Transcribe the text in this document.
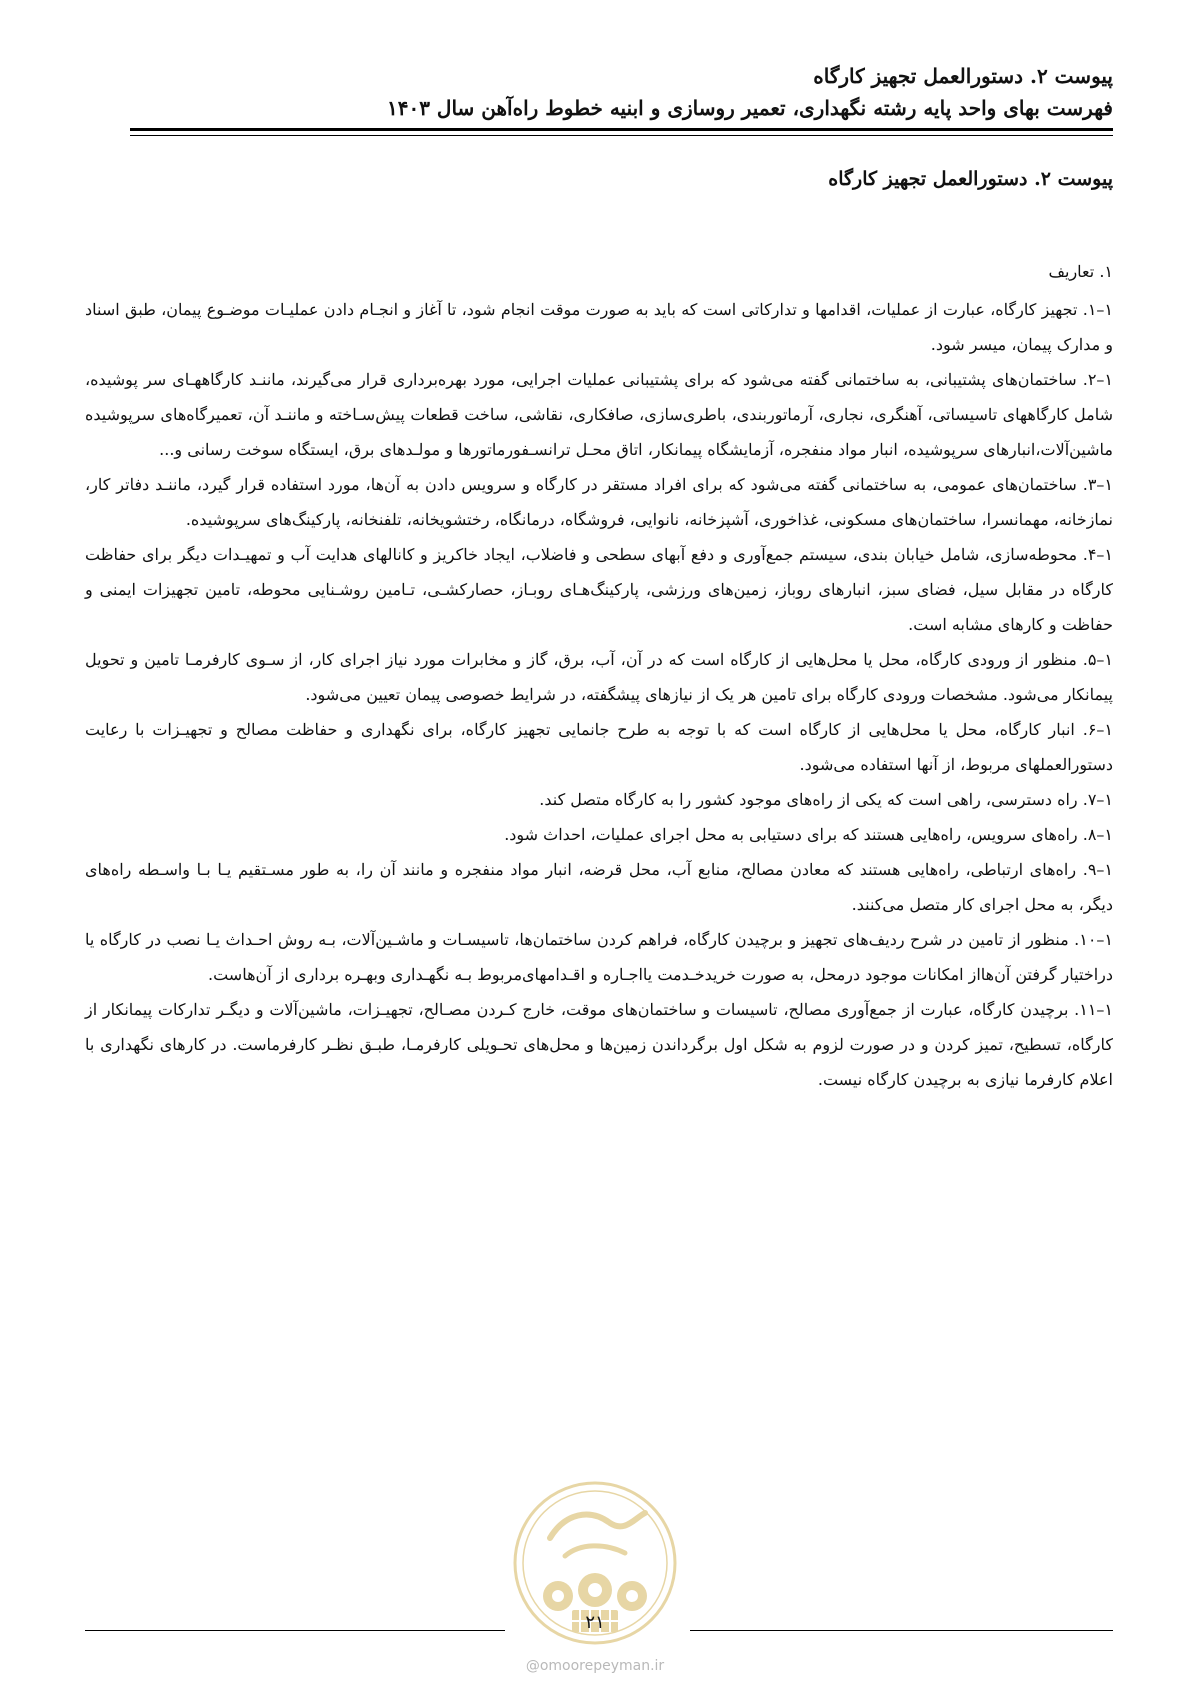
پیوست ۲. دستورالعمل تجهیز کارگاه
فهرست بهای واحد پایه رشته نگهداری، تعمیر روسازی و ابنیه خطوط راه‌آهن سال ۱۴۰۳
پیوست ۲. دستورالعمل تجهیز کارگاه
۱. تعاریف

۱–۱. تجهیز کارگاه، عبارت از عملیات، اقدامها و تدارکاتی است که باید به صورت موقت انجام شود، تا آغاز و انجـام دادن عملیـات موضـوع پیمان، طبق اسناد و مدارک پیمان، میسر شود.

۱–۲. ساختمان‌های پشتیبانی، به ساختمانی گفته می‌شود که برای پشتیبانی عملیات اجرایی، مورد بهره‌برداری قرار می‌گیرند، ماننـد کارگاههـای سر پوشیده، شامل کارگاههای تاسیساتی، آهنگری، نجاری، آرماتوربندی، باطری‌سازی، صافکاری، نقاشی، ساخت قطعات پیش‌سـاخته و ماننـد آن، تعمیرگاه‌های سرپوشیده ماشین‌آلات،انبارهای سرپوشیده، انبار مواد منفجره، آزمایشگاه پیمانکار، اتاق محـل ترانسـفورماتورها و مولـدهای برق، ایستگاه سوخت رسانی و...

۱–۳. ساختمان‌های عمومی، به ساختمانی گفته می‌شود که برای افراد مستقر در کارگاه و سرویس دادن به آن‌ها، مورد استفاده قرار گیرد، ماننـد دفاتر کار، نمازخانه، مهمانسرا، ساختمان‌های مسکونی، غذاخوری، آشپزخانه، نانوایی، فروشگاه، درمانگاه، رختشویخانه، تلفنخانه، پارکینگ‌های سرپوشیده.

۱–۴. محوطه‌سازی، شامل خیابان بندی، سیستم جمع‌آوری و دفع آبهای سطحی و فاضلاب، ایجاد خاکریز و کانالهای هدایت آب و تمهیـدات دیگر برای حفاظت کارگاه در مقابل سیل، فضای سبز، انبارهای روباز، زمین‌های ورزشی، پارکینگ‌هـای روبـاز، حصارکشـی، تـامین روشـنایی محوطه، تامین تجهیزات ایمنی و حفاظت و کارهای مشابه است.

۱–۵. منظور از ورودی کارگاه، محل یا محل‌هایی از کارگاه است که در آن، آب، برق، گاز و مخابرات مورد نیاز اجرای کار، از سـوی کارفرمـا تامین و تحویل پیمانکار می‌شود. مشخصات ورودی کارگاه برای تامین هر یک از نیازهای پیشگفته، در شرایط خصوصی پیمان تعیین می‌شود.

۱–۶. انبار کارگاه، محل یا محل‌هایی از کارگاه است که با توجه به طرح جانمایی تجهیز کارگاه، برای نگهداری و حفاظت مصالح و تجهیـزات با رعایت دستورالعملهای مربوط، از آنها استفاده می‌شود.

۱–۷. راه دسترسی، راهی است که یکی از راه‌های موجود کشور را به کارگاه متصل کند.

۱–۸. راه‌های سرویس، راه‌هایی هستند که برای دستیابی به محل اجرای عملیات، احداث شود.

۱–۹. راه‌های ارتباطی، راه‌هایی هستند که معادن مصالح، منابع آب، محل قرضه، انبار مواد منفجره و مانند آن را، به طور مسـتقیم یـا بـا واسـطه راه‌های دیگر، به محل اجرای کار متصل می‌کنند.

۱–۱۰. منظور از تامین در شرح ردیف‌های تجهیز و برچیدن کارگاه، فراهم کردن ساختمان‌ها، تاسیسـات و ماشـین‌آلات، بـه روش احـداث یـا نصب در کارگاه یا دراختیار گرفتن آن‌هااز امکانات موجود درمحل، به صورت خریدخـدمت یااجـاره و اقـدامهای‌مربوط بـه نگهـداری وبهـره برداری از آن‌هاست.

۱–۱۱. برچیدن کارگاه، عبارت از جمع‌آوری مصالح، تاسیسات و ساختمان‌های موقت، خارج کـردن مصـالح، تجهیـزات، ماشین‌آلات و دیگـر تدارکات پیمانکار از کارگاه، تسطیح، تمیز کردن و در صورت لزوم به شکل اول برگرداندن زمین‌ها و محل‌های تحـویلی کارفرمـا، طبـق نظـر کارفرماست. در کارهای نگهداری با اعلام کارفرما نیازی به برچیدن کارگاه نیست.

۲۱
@omoorepeyman.ir
